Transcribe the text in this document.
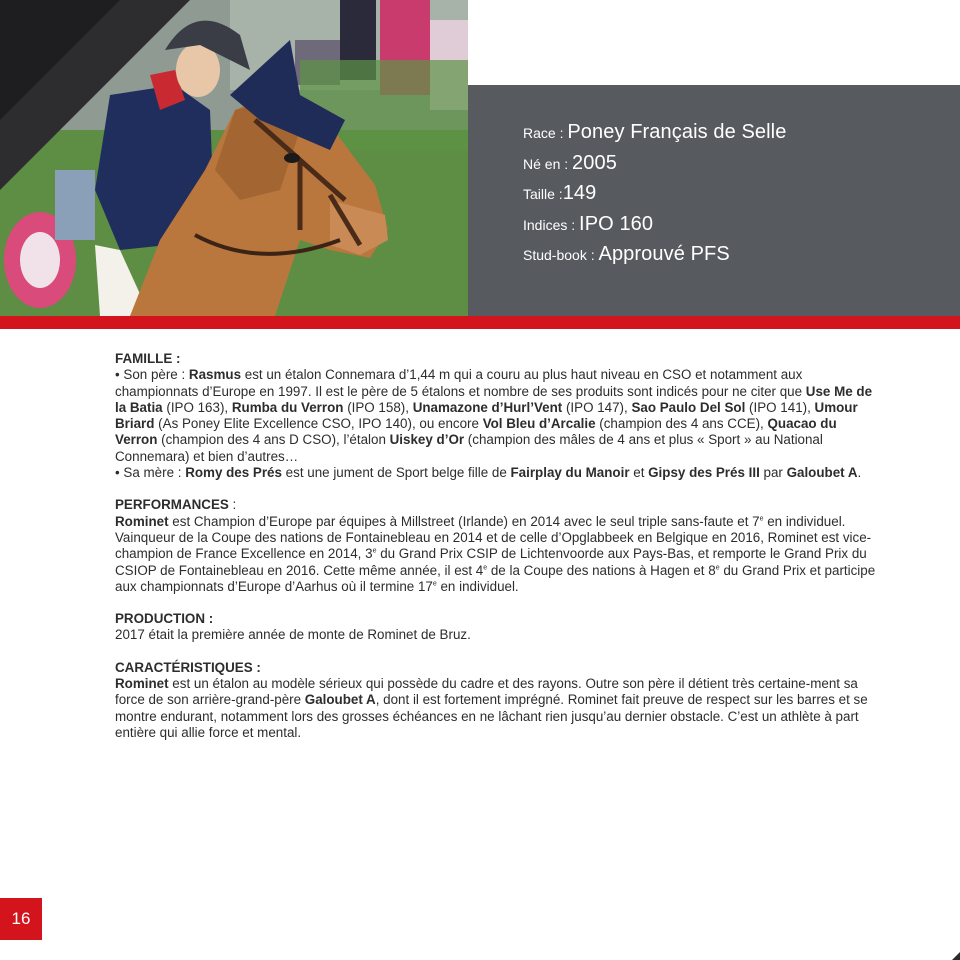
Race : Poney Français de Selle
Né en : 2005
Taille :149
Indices : IPO 160
Stud-book : Approuvé PFS

FAMILLE :

• Son père : Rasmus est un étalon Connemara d’1,44 m qui a couru au plus haut niveau en CSO et notamment aux championnats d’Europe en 1997. Il est le père de 5 étalons et nombre de ses produits sont indicés pour ne citer que Use Me de la Batia (IPO 163), Rumba du Verron (IPO 158), Unamazone d’Hurl’Vent (IPO 147), Sao Paulo Del Sol (IPO 141), Umour Briard (As Poney Elite Excellence CSO, IPO 140), ou encore Vol Bleu d’Arcalie (champion des 4 ans CCE), Quacao du Verron (champion des 4 ans D CSO), l’étalon Uiskey d’Or (champion des mâles de 4 ans et plus « Sport » au National Connemara) et bien d’autres…

• Sa mère : Romy des Prés est une jument de Sport belge fille de Fairplay du Manoir et Gipsy des Prés III par Galoubet A.

PERFORMANCES :

Rominet est Champion d’Europe par équipes à Millstreet (Irlande) en 2014 avec le seul triple sans-faute et 7e en individuel.

Vainqueur de la Coupe des nations de Fontainebleau en 2014 et de celle d’Opglabbeek en Belgique en 2016, Rominet est vice-champion de France Excellence en 2014, 3e du Grand Prix CSIP de Lichtenvoorde aux Pays-Bas, et remporte le Grand Prix du CSIOP de Fontainebleau en 2016. Cette même année, il est 4e de la Coupe des nations à Hagen et 8e du Grand Prix et participe aux championnats d’Europe d’Aarhus où il termine 17e en individuel.

PRODUCTION :

2017 était la première année de monte de Rominet de Bruz.

CARACTÉRISTIQUES :

Rominet est un étalon au modèle sérieux qui possède du cadre et des rayons. Outre son père il détient très certaine-ment sa force de son arrière-grand-père Galoubet A, dont il est fortement imprégné. Rominet fait preuve de respect sur les barres et se montre endurant, notamment lors des grosses échéances en ne lâchant rien jusqu’au dernier obstacle. C’est un athlète à part entière qui allie force et mental.

16
